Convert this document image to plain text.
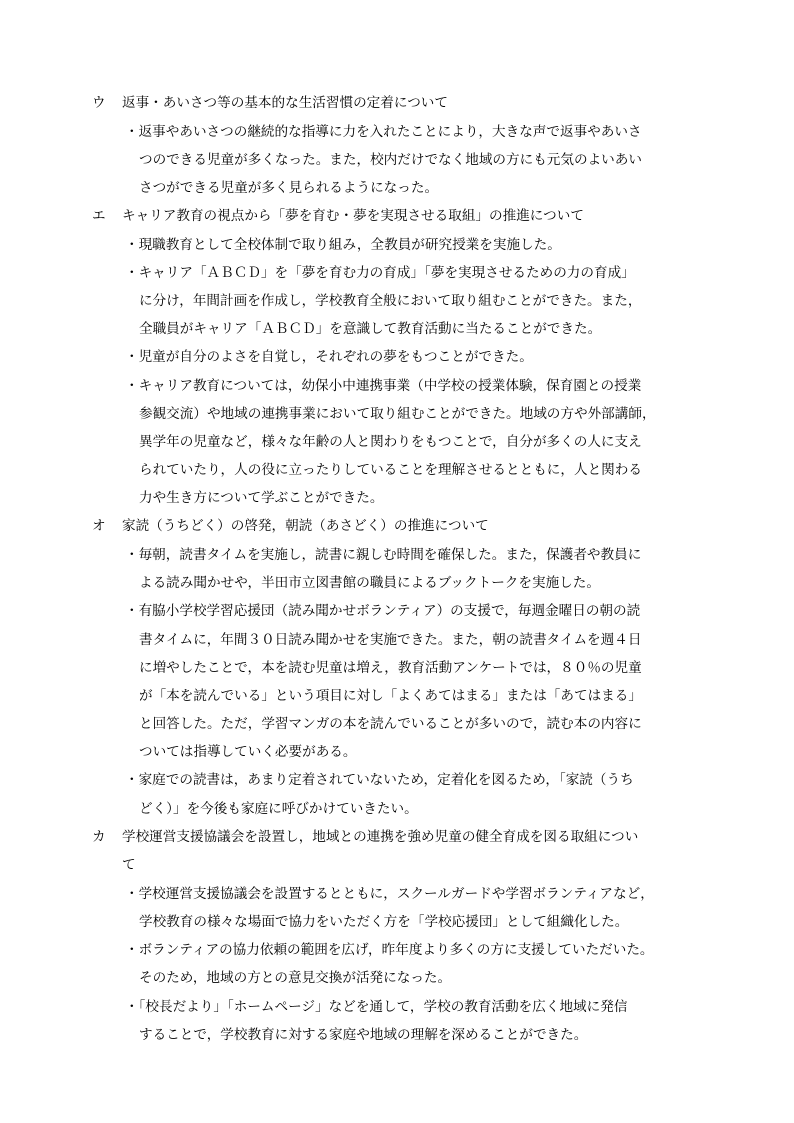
ウ 返事・あいさつ等の基本的な生活習慣の定着について
・返事やあいさつの継続的な指導に力を入れたことにより，大きな声で返事やあいさ
つのできる児童が多くなった。また，校内だけでなく地域の方にも元気のよいあい
さつができる児童が多く見られるようになった。
エ キャリア教育の視点から「夢を育む・夢を実現させる取組」の推進について
・現職教育として全校体制で取り組み，全教員が研究授業を実施した。
・キャリア「ＡＢＣＤ」を「夢を育む力の育成」「夢を実現させるための力の育成」
に分け，年間計画を作成し，学校教育全般において取り組むことができた。また，
全職員がキャリア「ＡＢＣＤ」を意識して教育活動に当たることができた。
・児童が自分のよさを自覚し，それぞれの夢をもつことができた。
・キャリア教育については，幼保小中連携事業（中学校の授業体験，保育園との授業
参観交流）や地域の連携事業において取り組むことができた。地域の方や外部講師，
異学年の児童など，様々な年齢の人と関わりをもつことで，自分が多くの人に支え
られていたり，人の役に立ったりしていることを理解させるとともに，人と関わる
力や生き方について学ぶことができた。
オ 家読（うちどく）の啓発，朝読（あさどく）の推進について
・毎朝，読書タイムを実施し，読書に親しむ時間を確保した。また，保護者や教員に
よる読み聞かせや，半田市立図書館の職員によるブックトークを実施した。
・有脇小学校学習応援団（読み聞かせボランティア）の支援で，毎週金曜日の朝の読
書タイムに，年間３０日読み聞かせを実施できた。また，朝の読書タイムを週４日
に増やしたことで，本を読む児童は増え，教育活動アンケートでは，８０％の児童
が「本を読んでいる」という項目に対し「よくあてはまる」または「あてはまる」
と回答した。ただ，学習マンガの本を読んでいることが多いので，読む本の内容に
ついては指導していく必要がある。
・家庭での読書は，あまり定着されていないため，定着化を図るため，「家読（うち
どく）」を今後も家庭に呼びかけていきたい。
カ 学校運営支援協議会を設置し，地域との連携を強め児童の健全育成を図る取組につい
て
・学校運営支援協議会を設置するとともに，スクールガードや学習ボランティアなど，
学校教育の様々な場面で協力をいただく方を「学校応援団」として組織化した。
・ボランティアの協力依頼の範囲を広げ，昨年度より多くの方に支援していただいた。
そのため，地域の方との意見交換が活発になった。
・「校長だより」「ホームページ」などを通して，学校の教育活動を広く地域に発信
することで，学校教育に対する家庭や地域の理解を深めることができた。
